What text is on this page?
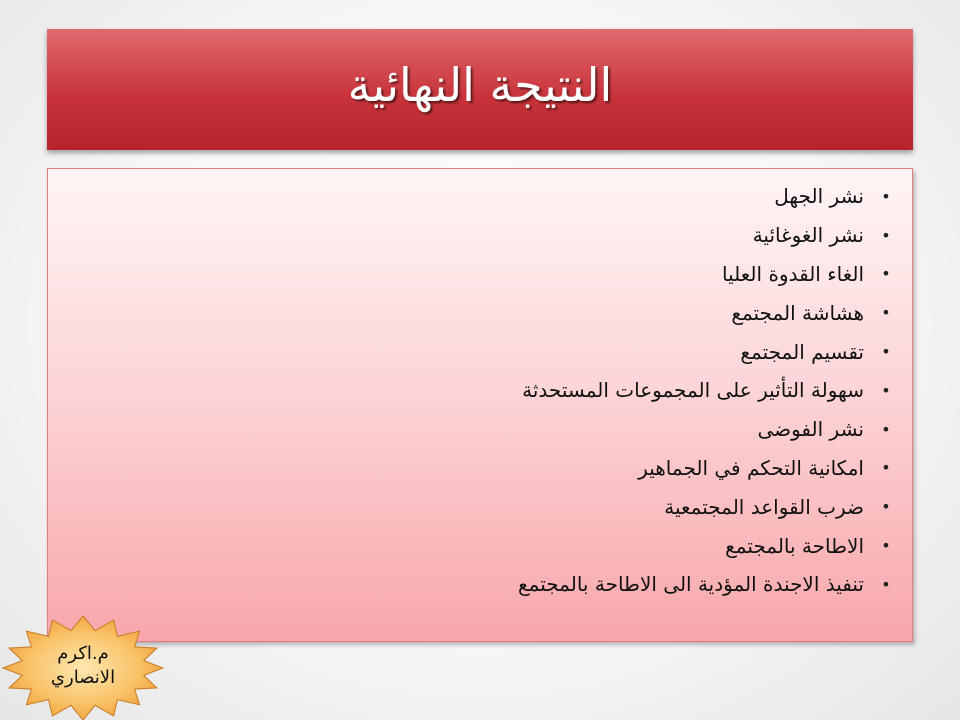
النتيجة النهائية
•
نشر الجهل
•
نشر الغوغائية
•
الغاء القدوة العليا
•
هشاشة المجتمع
•
تقسيم المجتمع
•
سهولة التأثير على المجموعات المستحدثة
•
نشر الفوضى
•
امكانية التحكم في الجماهير
•
ضرب القواعد المجتمعية
•
الاطاحة بالمجتمع
•
تنفيذ الاجندة المؤدية الى الاطاحة بالمجتمع
م.اكرم
الانصاري
